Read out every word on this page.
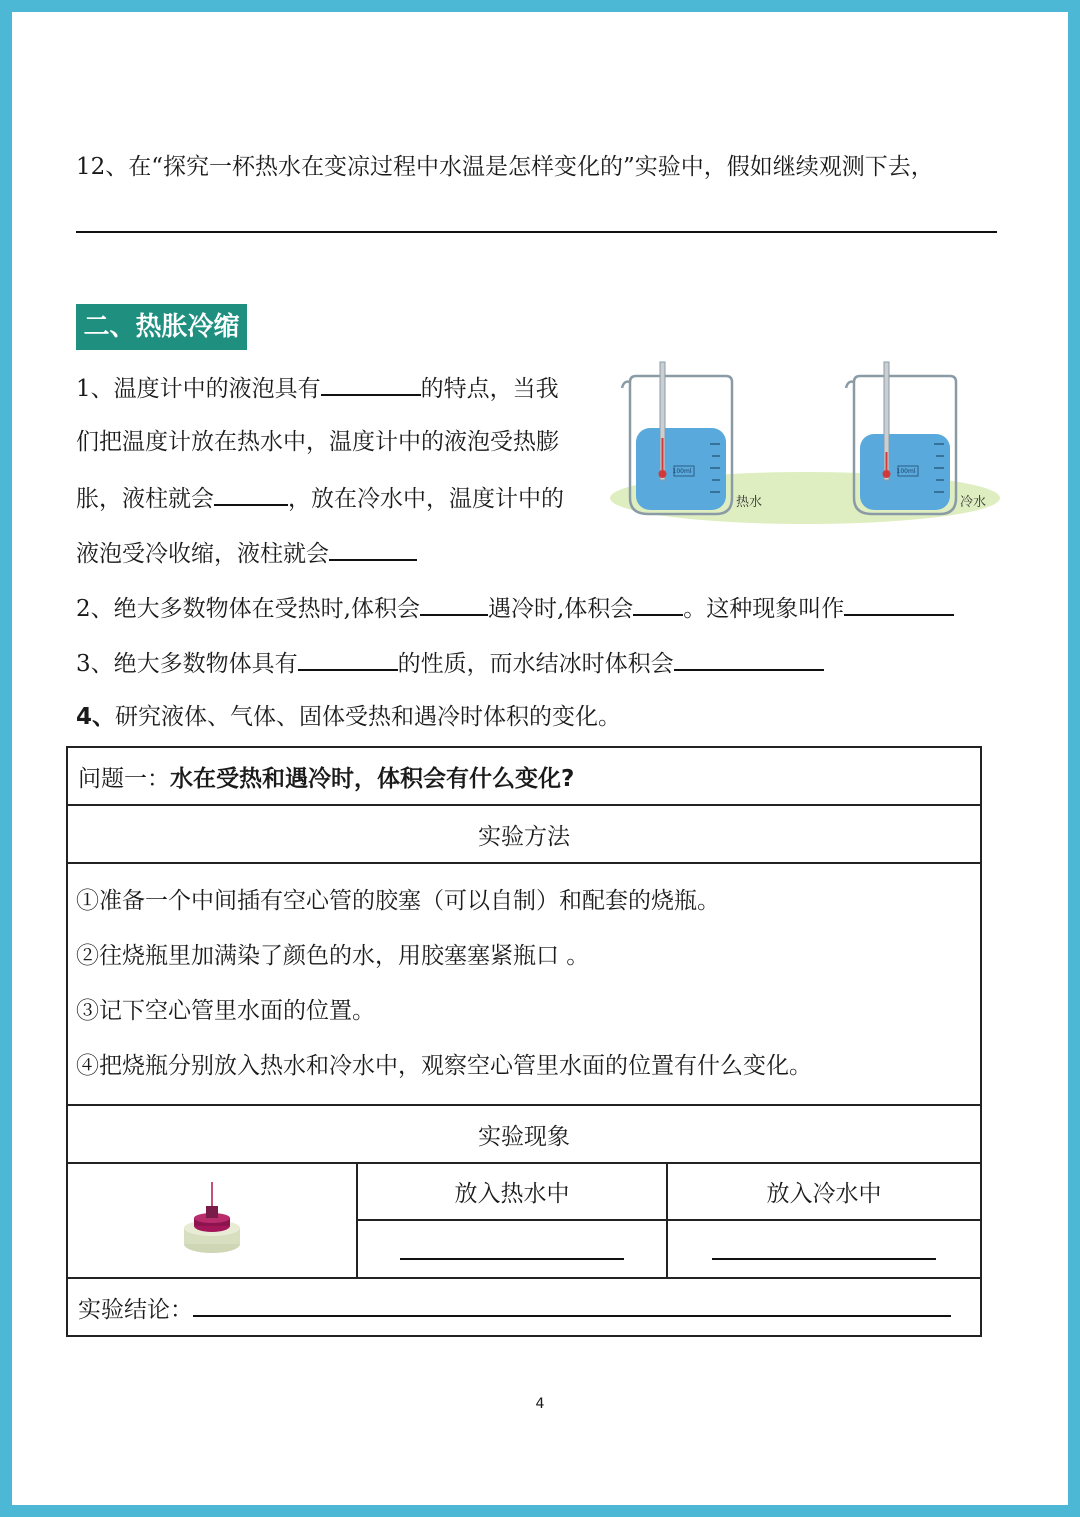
12、在“探究一杯热水在变凉过程中水温是怎样变化的”实验中，假如继续观测下去，
二、热胀冷缩
1、温度计中的液泡具有	的特点，当我
们把温度计放在热水中，温度计中的液泡受热膨
胀，液柱就会	，放在冷水中，温度计中的
液泡受冷收缩，液柱就会
100ml
热水
100ml
冷水
2、绝大多数物体在受热时,体积会	遇冷时,体积会 。这种现象叫作
3、绝大多数物体具有	的性质，而水结冰时体积会
4、研究液体、气体、固体受热和遇冷时体积的变化。
问题一：水在受热和遇冷时，体积会有什么变化?		
实验方法		

①准备一个中间插有空心管的胶塞（可以自制）和配套的烧瓶。
②往烧瓶里加满染了颜色的水，用胶塞塞紧瓶口 。
③记下空心管里水面的位置。
④把烧瓶分别放入热水和冷水中，观察空心管里水面的位置有什么变化。		

实验现象		
	放入热水中	放入冷水中

实验结论：		
4
